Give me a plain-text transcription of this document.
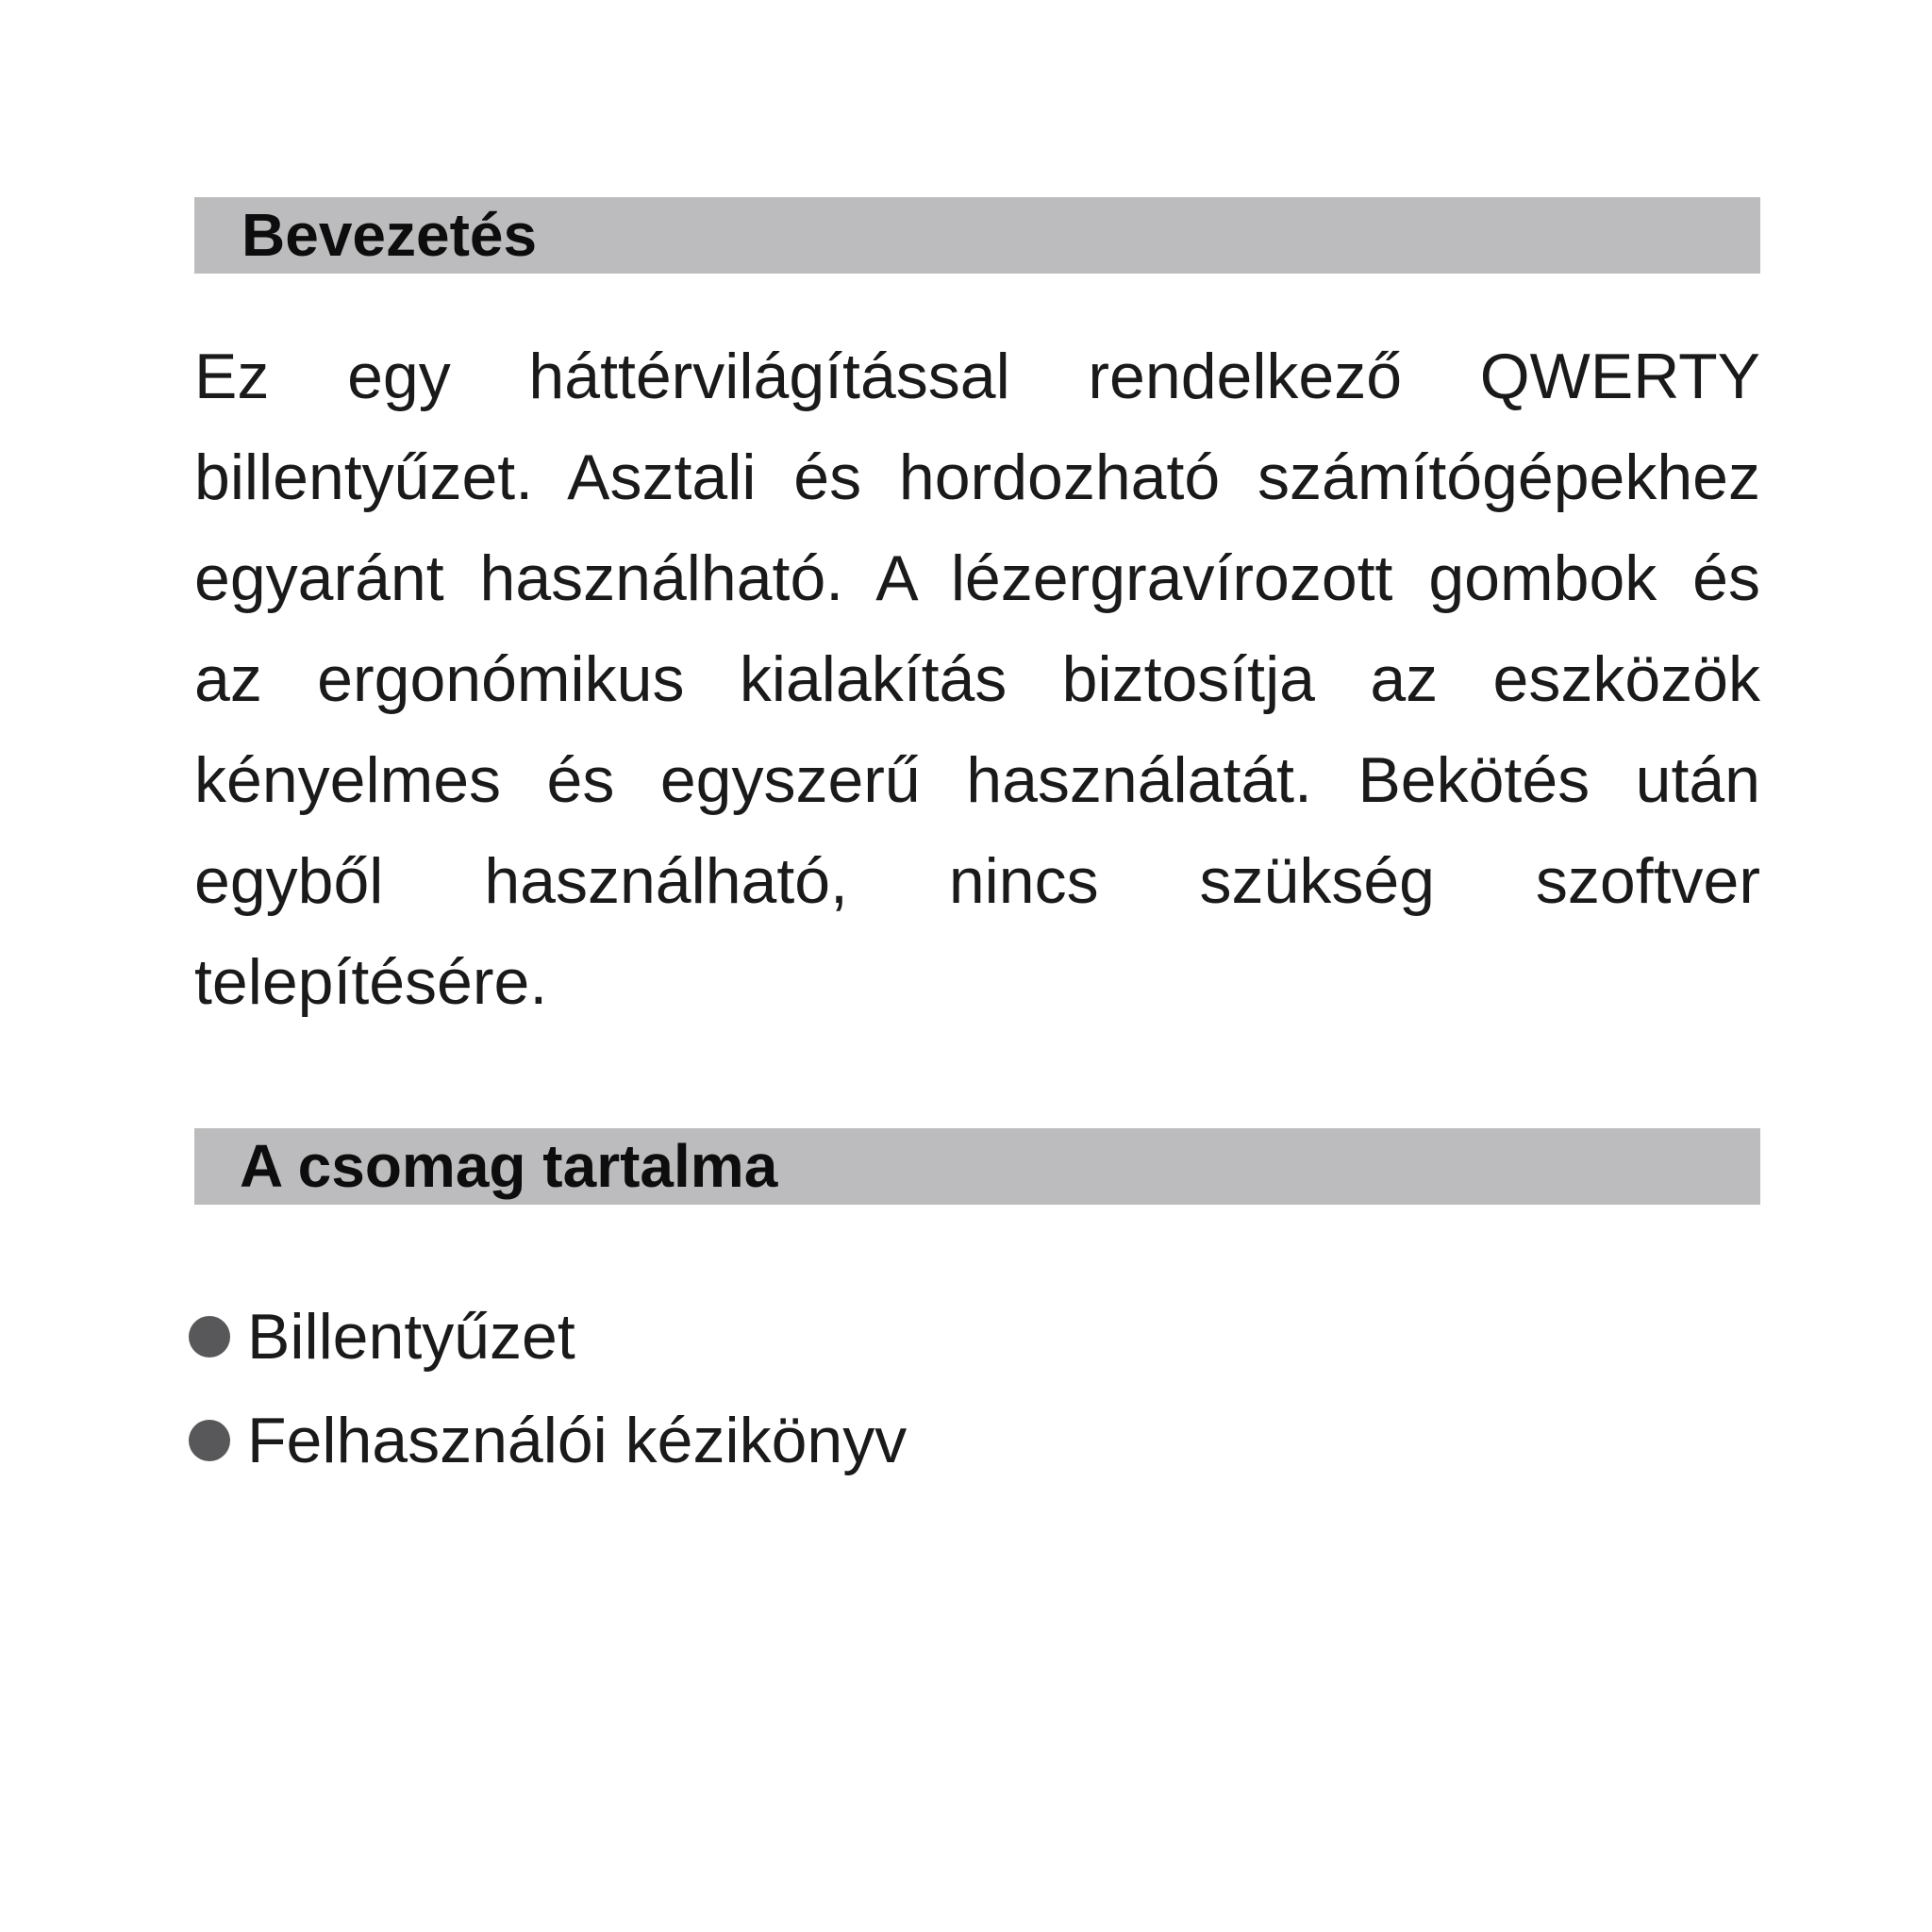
Bevezetés

Ez egy háttérvilágítással rendelkező QWERTY
billentyűzet. Asztali és hordozható számítógépekhez
egyaránt használható. A lézergravírozott gombok és
az ergonómikus kialakítás biztosítja az eszközök
kényelmes és egyszerű használatát. Bekötés után
egyből használható, nincs szükség szoftver
telepítésére.

A csomag tartalma
Billentyűzet
Felhasználói kézikönyv
